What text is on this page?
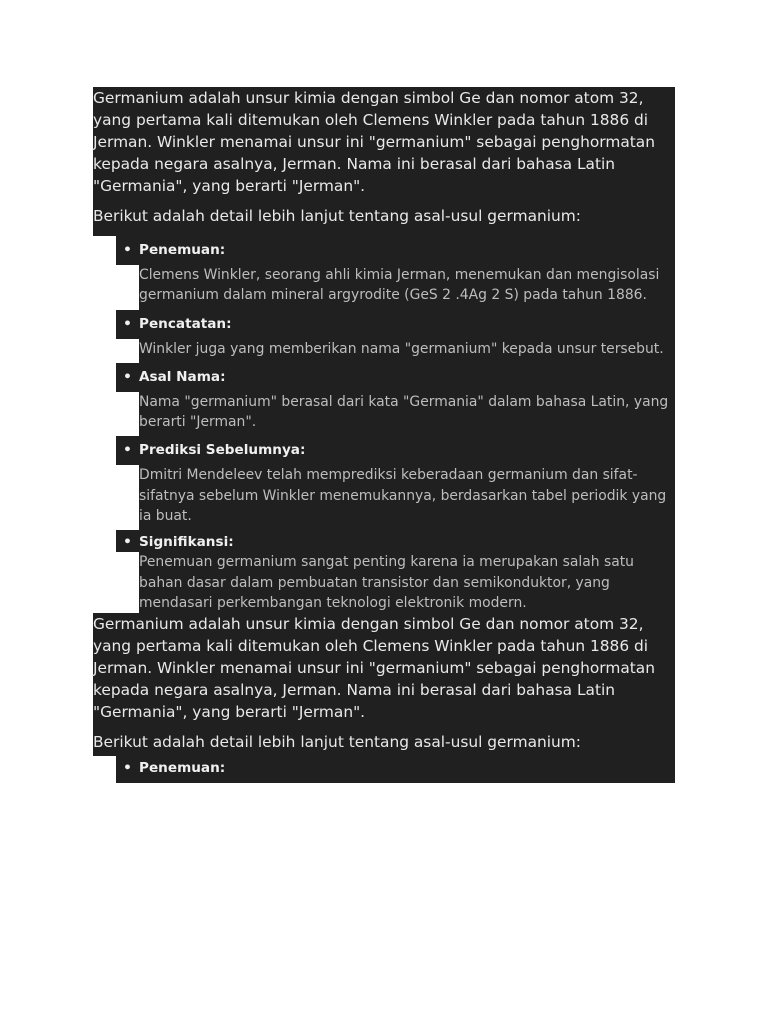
Germanium adalah unsur kimia dengan simbol Ge dan nomor atom 32, yang pertama kali ditemukan oleh Clemens Winkler pada tahun 1886 di Jerman. Winkler menamai unsur ini "germanium" sebagai penghormatan kepada negara asalnya, Jerman. Nama ini berasal dari bahasa Latin "Germania", yang berarti "Jerman".

Berikut adalah detail lebih lanjut tentang asal-usul germanium:

• Penemuan:
Clemens Winkler, seorang ahli kimia Jerman, menemukan dan mengisolasi germanium dalam mineral argyrodite (GeS 2 .4Ag 2 S) pada tahun 1886.
• Pencatatan:
Winkler juga yang memberikan nama "germanium" kepada unsur tersebut.
• Asal Nama:
Nama "germanium" berasal dari kata "Germania" dalam bahasa Latin, yang berarti "Jerman".
• Prediksi Sebelumnya:
Dmitri Mendeleev telah memprediksi keberadaan germanium dan sifat-sifatnya sebelum Winkler menemukannya, berdasarkan tabel periodik yang ia buat.
• Signifikansi:
Penemuan germanium sangat penting karena ia merupakan salah satu bahan dasar dalam pembuatan transistor dan semikonduktor, yang mendasari perkembangan teknologi elektronik modern.

Germanium adalah unsur kimia dengan simbol Ge dan nomor atom 32, yang pertama kali ditemukan oleh Clemens Winkler pada tahun 1886 di Jerman. Winkler menamai unsur ini "germanium" sebagai penghormatan kepada negara asalnya, Jerman. Nama ini berasal dari bahasa Latin "Germania", yang berarti "Jerman".

Berikut adalah detail lebih lanjut tentang asal-usul germanium:

• Penemuan:
